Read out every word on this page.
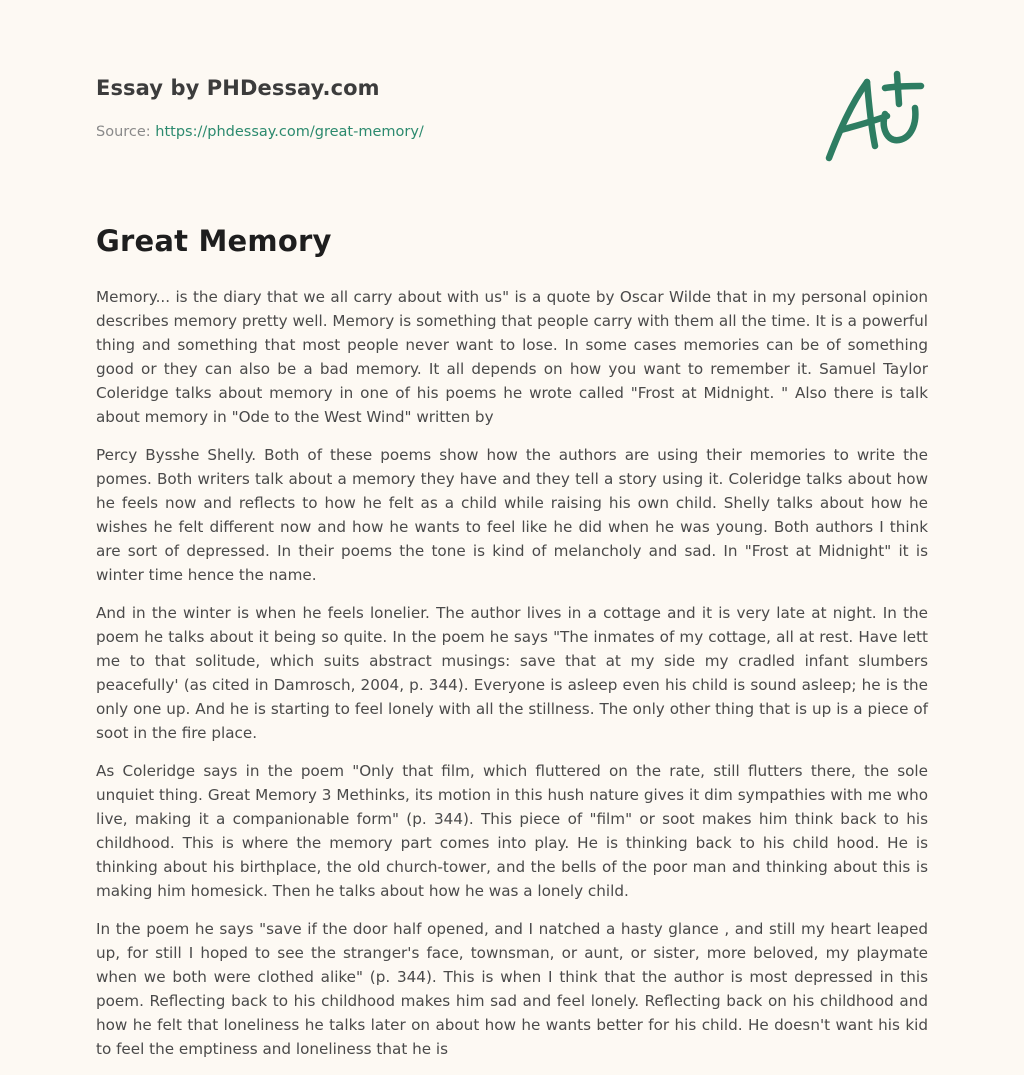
Essay by PHDessay.com
Source: https://phdessay.com/great-memory/
Great Memory

Memory... is the diary that we all carry about with us" is a quote by Oscar Wilde that in my personal opinion describes memory pretty well. Memory is something that people carry with them all the time. It is a powerful thing and something that most people never want to lose. In some cases memories can be of something good or they can also be a bad memory. It all depends on how you want to remember it. Samuel Taylor Coleridge talks about memory in one of his poems he wrote called "Frost at Midnight. " Also there is talk about memory in "Ode to the West Wind" written by

Percy Bysshe Shelly. Both of these poems show how the authors are using their memories to write the pomes. Both writers talk about a memory they have and they tell a story using it. Coleridge talks about how he feels now and reflects to how he felt as a child while raising his own child. Shelly talks about how he wishes he felt different now and how he wants to feel like he did when he was young. Both authors I think are sort of depressed. In their poems the tone is kind of melancholy and sad. In "Frost at Midnight" it is winter time hence the name.

And in the winter is when he feels lonelier. The author lives in a cottage and it is very late at night. In the poem he talks about it being so quite. In the poem he says "The inmates of my cottage, all at rest. Have lett me to that solitude, which suits abstract musings: save that at my side my cradled infant slumbers peacefully' (as cited in Damrosch, 2004, p. 344). Everyone is asleep even his child is sound asleep; he is the only one up. And he is starting to feel lonely with all the stillness. The only other thing that is up is a piece of soot in the fire place.

As Coleridge says in the poem "Only that film, which fluttered on the rate, still flutters there, the sole unquiet thing. Great Memory 3 Methinks, its motion in this hush nature gives it dim sympathies with me who live, making it a companionable form" (p. 344). This piece of "film" or soot makes him think back to his childhood. This is where the memory part comes into play. He is thinking back to his child hood. He is thinking about his birthplace, the old church-tower, and the bells of the poor man and thinking about this is making him homesick. Then he talks about how he was a lonely child.

In the poem he says "save if the door half opened, and I natched a hasty glance , and still my heart leaped up, for still I hoped to see the stranger's face, townsman, or aunt, or sister, more beloved, my playmate when we both were clothed alike" (p. 344). This is when I think that the author is most depressed in this poem. Reflecting back to his childhood makes him sad and feel lonely. Reflecting back on his childhood and how he felt that loneliness he talks later on about how he wants better for his child. He doesn't want his kid to feel the emptiness and loneliness that he is
